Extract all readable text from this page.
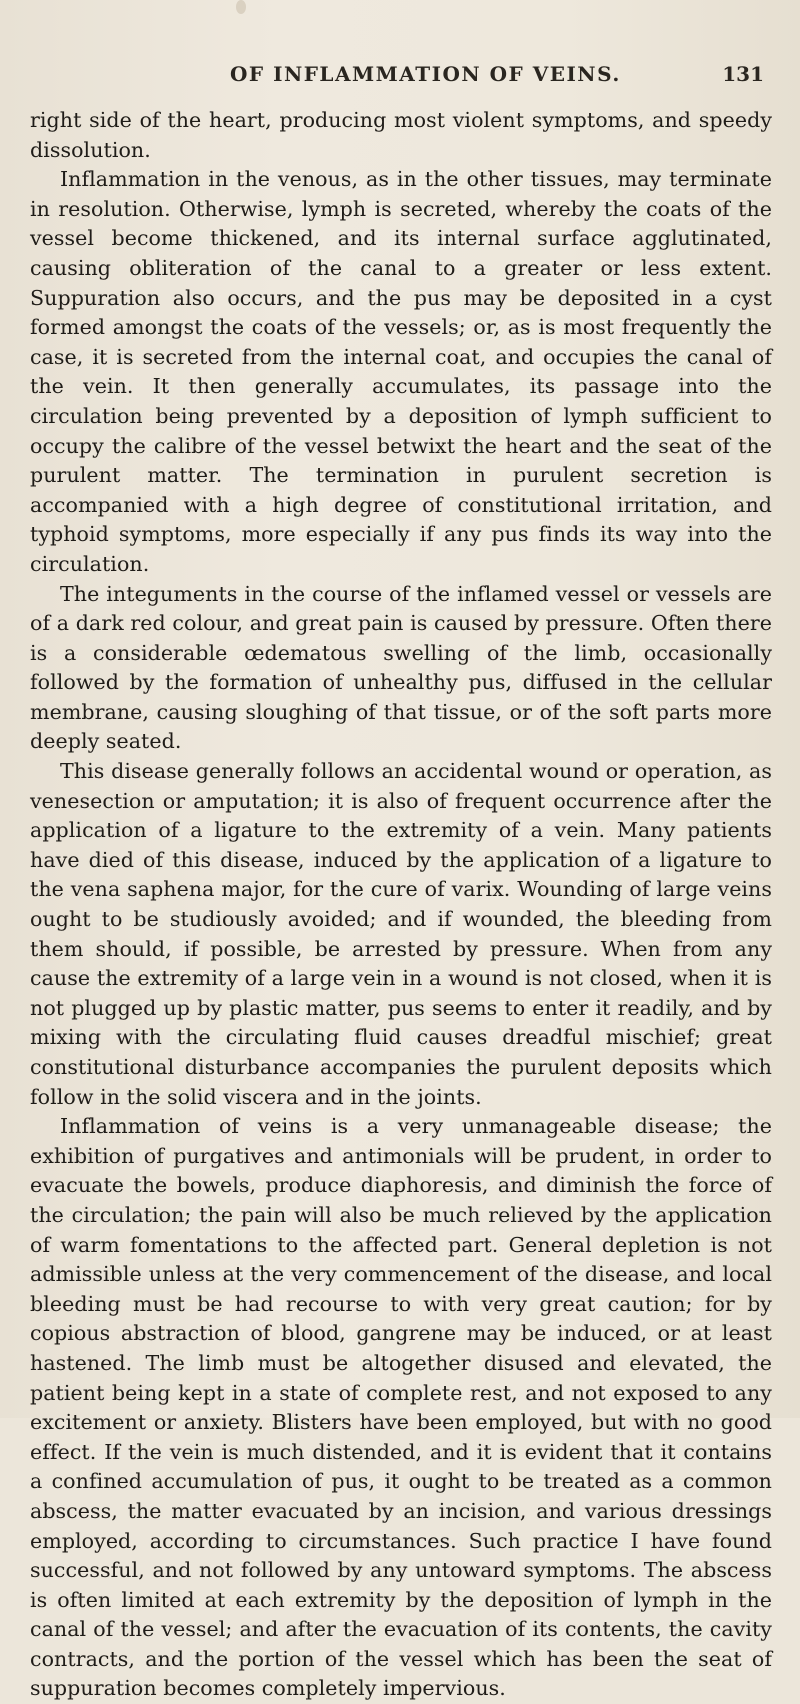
OF INFLAMMATION OF VEINS.	131

right side of the heart, producing most violent symptoms, and speedy dissolution.

Inflammation in the venous, as in the other tissues, may terminate in resolution. Otherwise, lymph is secreted, whereby the coats of the vessel become thickened, and its internal surface agglutinated, causing obliteration of the canal to a greater or less extent. Suppuration also occurs, and the pus may be deposited in a cyst formed amongst the coats of the vessels; or, as is most frequently the case, it is secreted from the internal coat, and occupies the canal of the vein. It then generally accumulates, its passage into the circulation being prevented by a deposition of lymph sufficient to occupy the calibre of the vessel betwixt the heart and the seat of the purulent matter. The termination in purulent secretion is accompanied with a high degree of constitutional irritation, and typhoid symptoms, more especially if any pus finds its way into the circulation.

The integuments in the course of the inflamed vessel or vessels are of a dark red colour, and great pain is caused by pressure. Often there is a considerable œdematous swelling of the limb, occasionally followed by the formation of unhealthy pus, diffused in the cellular membrane, causing sloughing of that tissue, or of the soft parts more deeply seated.

This disease generally follows an accidental wound or operation, as venesection or amputation; it is also of frequent occurrence after the application of a ligature to the extremity of a vein. Many patients have died of this disease, induced by the application of a ligature to the vena saphena major, for the cure of varix. Wounding of large veins ought to be studiously avoided; and if wounded, the bleeding from them should, if possible, be arrested by pressure. When from any cause the extremity of a large vein in a wound is not closed, when it is not plugged up by plastic matter, pus seems to enter it readily, and by mixing with the circulating fluid causes dreadful mischief; great constitutional disturbance accompanies the purulent deposits which follow in the solid viscera and in the joints.

Inflammation of veins is a very unmanageable disease; the exhibition of purgatives and antimonials will be prudent, in order to evacuate the bowels, produce diaphoresis, and diminish the force of the circulation; the pain will also be much relieved by the application of warm fomentations to the affected part. General depletion is not admissible unless at the very commencement of the disease, and local bleeding must be had recourse to with very great caution; for by copious abstraction of blood, gangrene may be induced, or at least hastened. The limb must be altogether disused and elevated, the patient being kept in a state of complete rest, and not exposed to any excitement or anxiety. Blisters have been employed, but with no good effect. If the vein is much distended, and it is evident that it contains a confined accumulation of pus, it ought to be treated as a common abscess, the matter evacuated by an incision, and various dressings employed, according to circumstances. Such practice I have found successful, and not followed by any untoward symptoms. The abscess is often limited at each extremity by the deposition of lymph in the canal of the vessel; and after the evacuation of its contents, the cavity contracts, and the portion of the vessel which has been the seat of suppuration becomes completely impervious.
